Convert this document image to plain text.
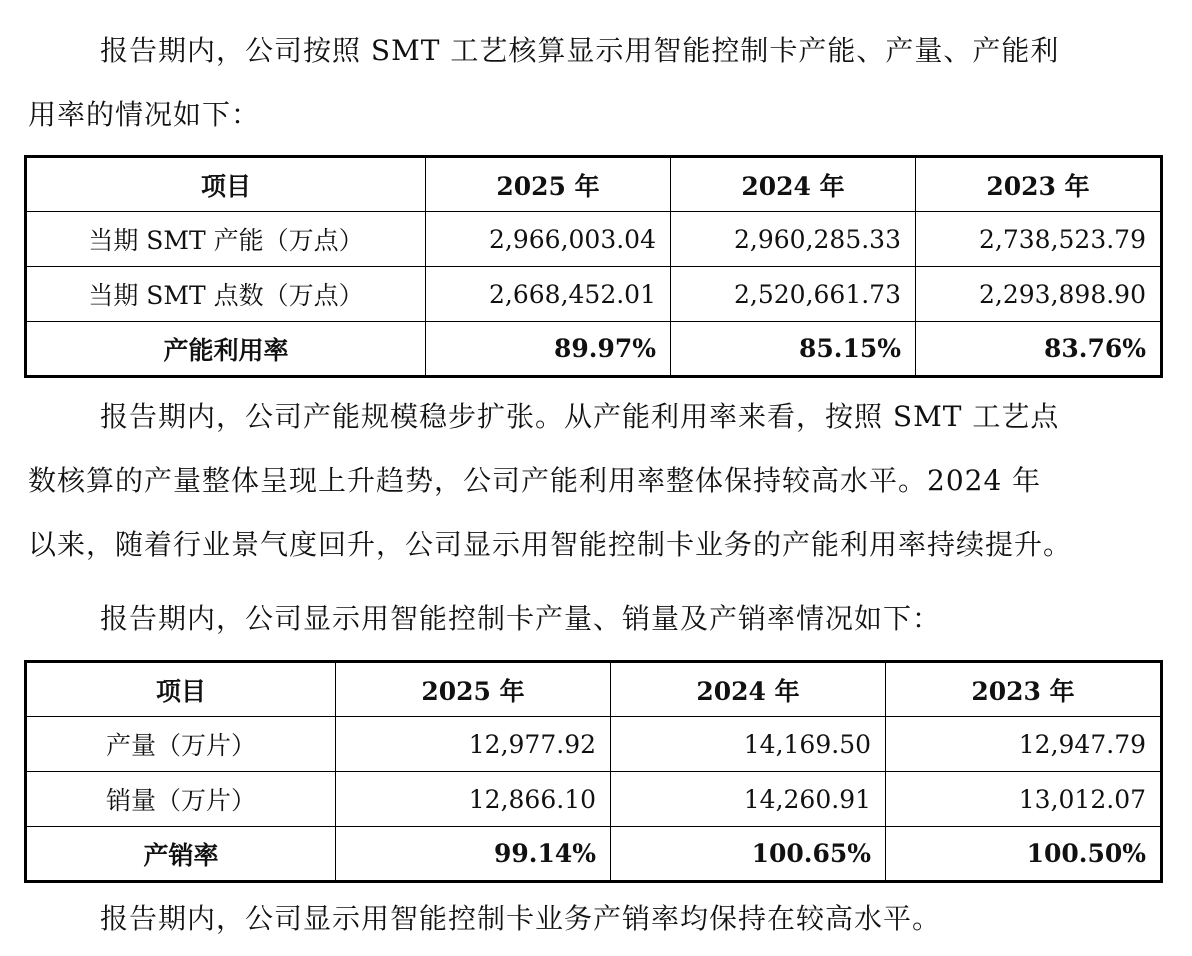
报告期内，公司按照 SMT 工艺核算显示用智能控制卡产能、产量、产能利

用率的情况如下：

项目	2025 年	2024 年	2023 年
当期 SMT 产能（万点）	2,966,003.04	2,960,285.33	2,738,523.79
当期 SMT 点数（万点）	2,668,452.01	2,520,661.73	2,293,898.90
产能利用率	89.97%	85.15%	83.76%

报告期内，公司产能规模稳步扩张。从产能利用率来看，按照 SMT 工艺点

数核算的产量整体呈现上升趋势，公司产能利用率整体保持较高水平。2024 年

以来，随着行业景气度回升，公司显示用智能控制卡业务的产能利用率持续提升。

报告期内，公司显示用智能控制卡产量、销量及产销率情况如下：

项目	2025 年	2024 年	2023 年
产量（万片）	12,977.92	14,169.50	12,947.79
销量（万片）	12,866.10	14,260.91	13,012.07
产销率	99.14%	100.65%	100.50%

报告期内，公司显示用智能控制卡业务产销率均保持在较高水平。
